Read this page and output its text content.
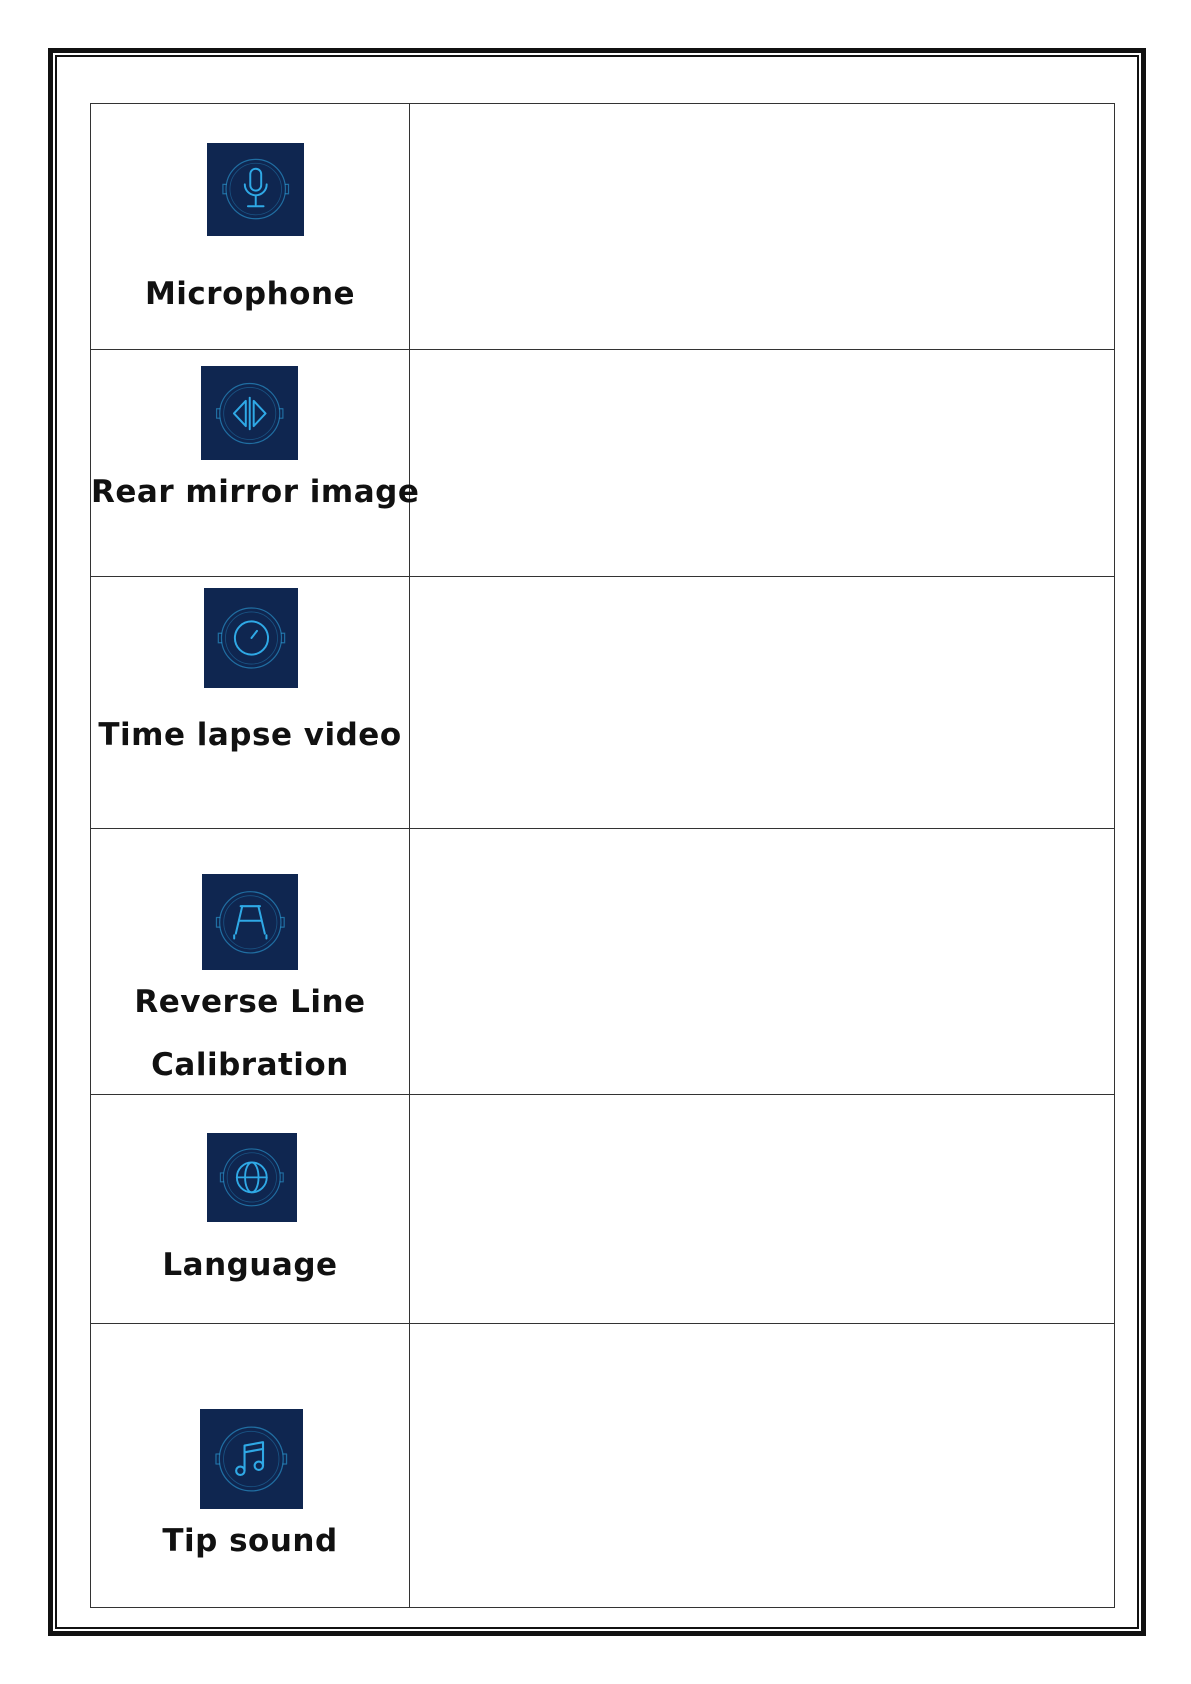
Microphone	

Rear mirror image	

Time lapse video	

Reverse Line
Calibration	

Language	

Tip sound	
